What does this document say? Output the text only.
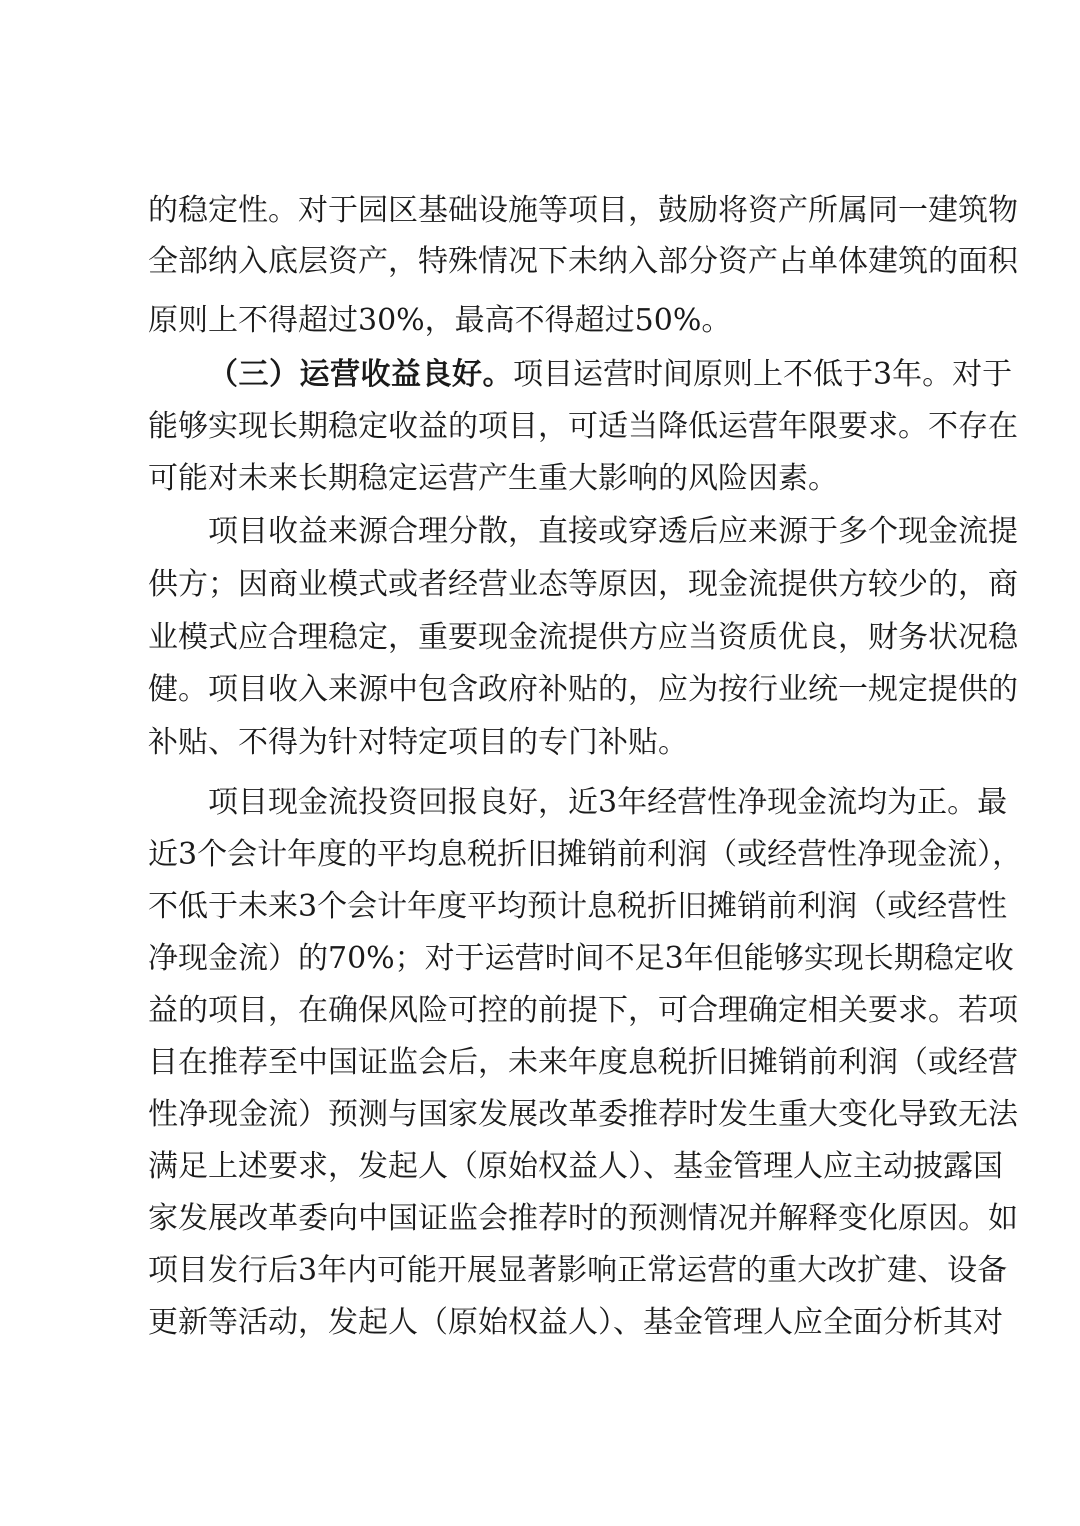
的稳定性。对于园区基础设施等项目，鼓励将资产所属同一建筑物
全部纳入底层资产，特殊情况下未纳入部分资产占单体建筑的面积
原则上不得超过30%，最高不得超过50%。
（三）运营收益良好。项目运营时间原则上不低于3年。对于
能够实现长期稳定收益的项目，可适当降低运营年限要求。不存在
可能对未来长期稳定运营产生重大影响的风险因素。
项目收益来源合理分散，直接或穿透后应来源于多个现金流提
供方；因商业模式或者经营业态等原因，现金流提供方较少的，商
业模式应合理稳定，重要现金流提供方应当资质优良，财务状况稳
健。项目收入来源中包含政府补贴的，应为按行业统一规定提供的
补贴、不得为针对特定项目的专门补贴。
项目现金流投资回报良好，近3年经营性净现金流均为正。最
近3个会计年度的平均息税折旧摊销前利润（或经营性净现金流），
不低于未来3个会计年度平均预计息税折旧摊销前利润（或经营性
净现金流）的70%；对于运营时间不足3年但能够实现长期稳定收
益的项目，在确保风险可控的前提下，可合理确定相关要求。若项
目在推荐至中国证监会后，未来年度息税折旧摊销前利润（或经营
性净现金流）预测与国家发展改革委推荐时发生重大变化导致无法
满足上述要求，发起人（原始权益人）、基金管理人应主动披露国
家发展改革委向中国证监会推荐时的预测情况并解释变化原因。如
项目发行后3年内可能开展显著影响正常运营的重大改扩建、设备
更新等活动，发起人（原始权益人）、基金管理人应全面分析其对
